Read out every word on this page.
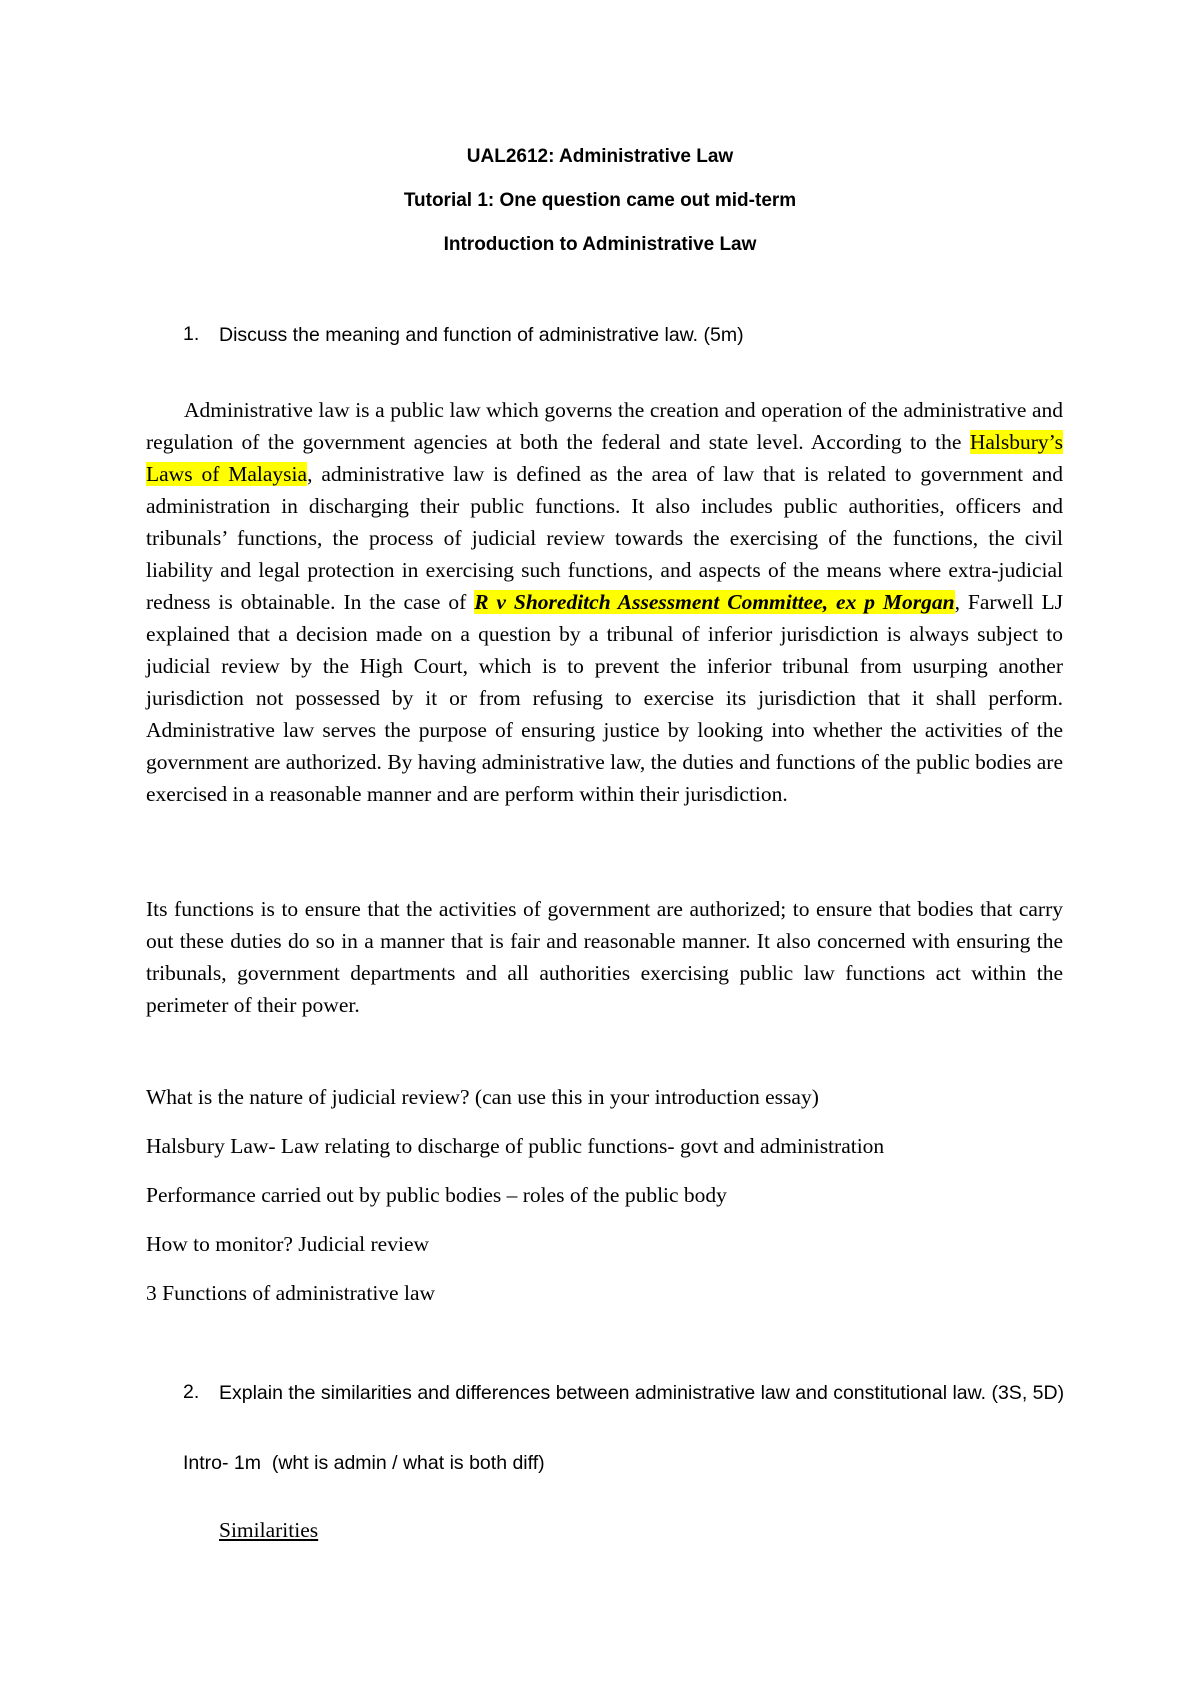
UAL2612: Administrative Law
Tutorial 1: One question came out mid-term
Introduction to Administrative Law
1. Discuss the meaning and function of administrative law. (5m)
Administrative law is a public law which governs the creation and operation of the administrative and regulation of the government agencies at both the federal and state level. According to the Halsbury’s Laws of Malaysia, administrative law is defined as the area of law that is related to government and administration in discharging their public functions. It also includes public authorities, officers and tribunals’ functions, the process of judicial review towards the exercising of the functions, the civil liability and legal protection in exercising such functions, and aspects of the means where extra-judicial redness is obtainable. In the case of R v Shoreditch Assessment Committee, ex p Morgan, Farwell LJ explained that a decision made on a question by a tribunal of inferior jurisdiction is always subject to judicial review by the High Court, which is to prevent the inferior tribunal from usurping another jurisdiction not possessed by it or from refusing to exercise its jurisdiction that it shall perform. Administrative law serves the purpose of ensuring justice by looking into whether the activities of the government are authorized. By having administrative law, the duties and functions of the public bodies are exercised in a reasonable manner and are perform within their jurisdiction.
Its functions is to ensure that the activities of government are authorized; to ensure that bodies that carry out these duties do so in a manner that is fair and reasonable manner. It also concerned with ensuring the tribunals, government departments and all authorities exercising public law functions act within the perimeter of their power.
What is the nature of judicial review? (can use this in your introduction essay)
Halsbury Law- Law relating to discharge of public functions- govt and administration
Performance carried out by public bodies – roles of the public body
How to monitor? Judicial review
3 Functions of administrative law
2. Explain the similarities and differences between administrative law and constitutional law. (3S, 5D)
Intro- 1m  (wht is admin / what is both diff)
Similarities
